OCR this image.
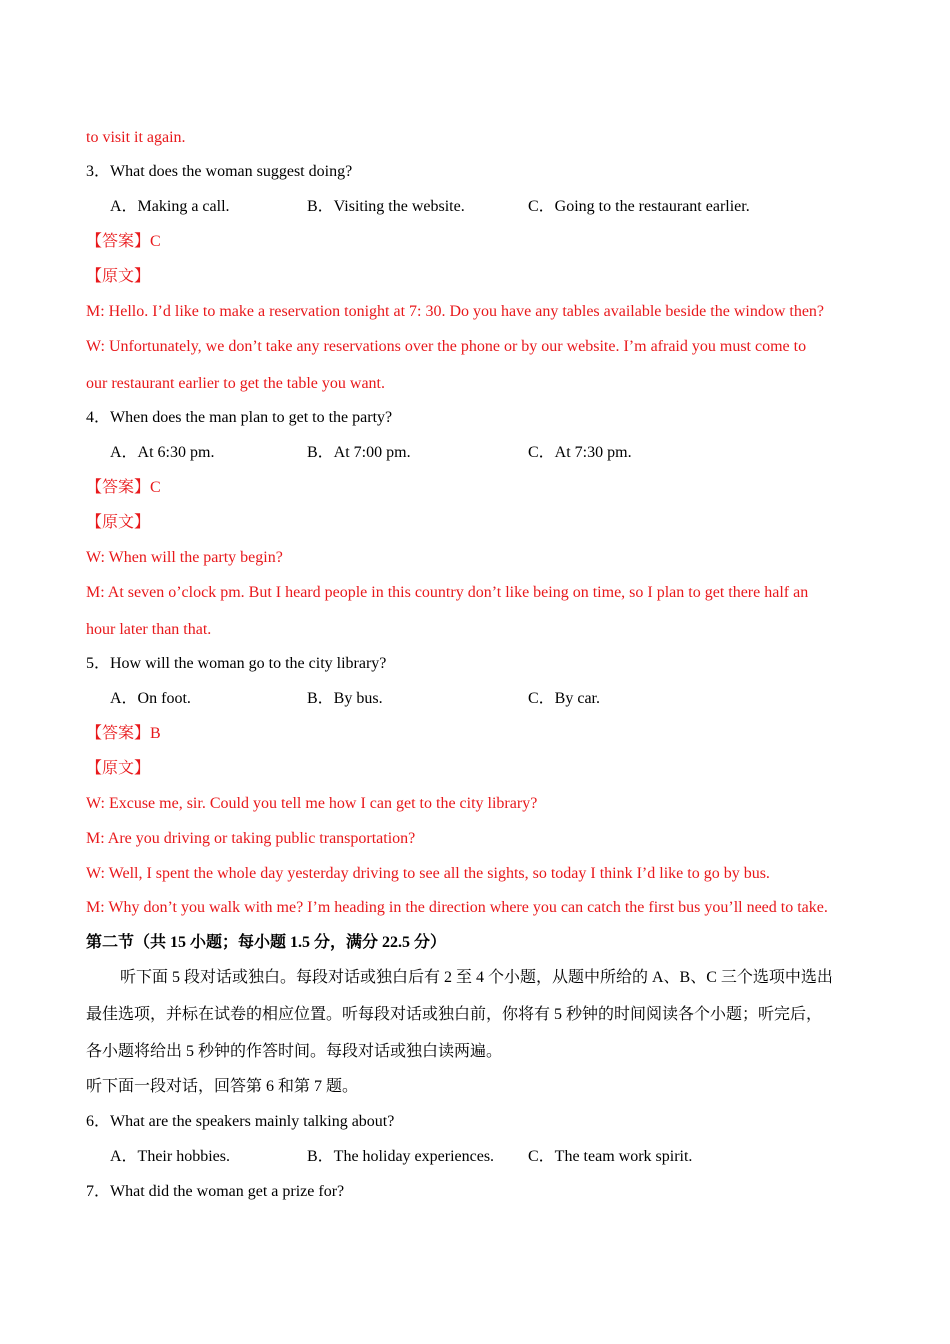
to visit it again.
3．What does the woman suggest doing?
A．Making a call.	B．Visiting the website.	C．Going to the restaurant earlier.
【答案】C
【原文】
M: Hello. I’d like to make a reservation tonight at 7: 30. Do you have any tables available beside the window then?
W: Unfortunately, we don’t take any reservations over the phone or by our website. I’m afraid you must come to
our restaurant earlier to get the table you want.
4．When does the man plan to get to the party?
A．At 6:30 pm.	B．At 7:00 pm.	C．At 7:30 pm.
【答案】C
【原文】
W: When will the party begin?
M: At seven o’clock pm. But I heard people in this country don’t like being on time, so I plan to get there half an
hour later than that.
5．How will the woman go to the city library?
A．On foot.	B．By bus.	C．By car.
【答案】B
【原文】
W: Excuse me, sir. Could you tell me how I can get to the city library?
M: Are you driving or taking public transportation?
W: Well, I spent the whole day yesterday driving to see all the sights, so today I think I’d like to go by bus.
M: Why don’t you walk with me? I’m heading in the direction where you can catch the first bus you’ll need to take.
第二节（共 15 小题；每小题 1.5 分，满分 22.5 分）
听下面 5 段对话或独白。每段对话或独白后有 2 至 4 个小题，从题中所给的 A、B、C 三个选项中选出
最佳选项，并标在试卷的相应位置。听每段对话或独白前，你将有 5 秒钟的时间阅读各个小题；听完后，
各小题将给出 5 秒钟的作答时间。每段对话或独白读两遍。
听下面一段对话，回答第 6 和第 7 题。
6．What are the speakers mainly talking about?
A．Their hobbies.	B．The holiday experiences. C．The team work spirit.
7．What did the woman get a prize for?
